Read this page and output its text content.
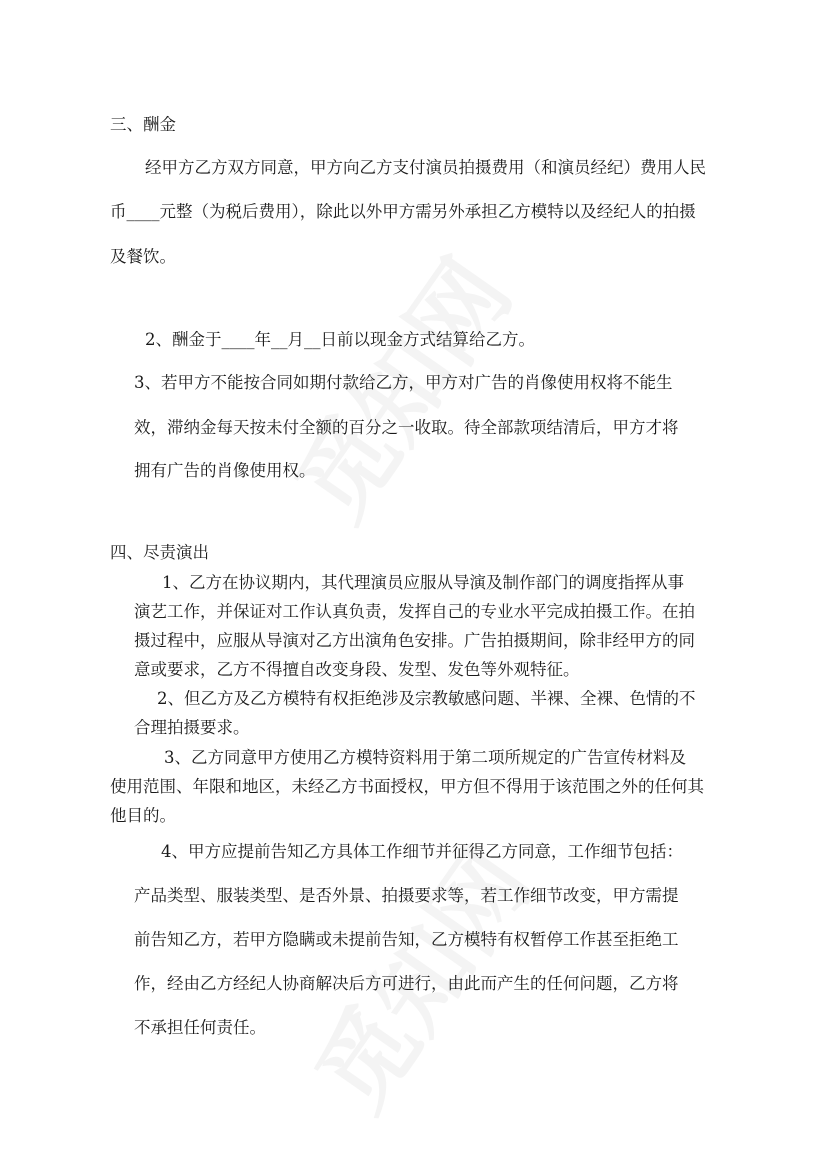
三、酬金
经甲方乙方双方同意，甲方向乙方支付演员拍摄费用（和演员经纪）费用人民
币____元整（为税后费用），除此以外甲方需另外承担乙方模特以及经纪人的拍摄
及餐饮。
2、酬金于____年__月__日前以现金方式结算给乙方。
3、若甲方不能按合同如期付款给乙方，甲方对广告的肖像使用权将不能生
效，滞纳金每天按未付全额的百分之一收取。待全部款项结清后，甲方才将
拥有广告的肖像使用权。
四、尽责演出
1、乙方在协议期内，其代理演员应服从导演及制作部门的调度指挥从事
演艺工作，并保证对工作认真负责，发挥自己的专业水平完成拍摄工作。在拍
摄过程中，应服从导演对乙方出演角色安排。广告拍摄期间，除非经甲方的同
意或要求，乙方不得擅自改变身段、发型、发色等外观特征。
2、但乙方及乙方模特有权拒绝涉及宗教敏感问题、半裸、全裸、色情的不
合理拍摄要求。
3、乙方同意甲方使用乙方模特资料用于第二项所规定的广告宣传材料及
使用范围、年限和地区，未经乙方书面授权，甲方但不得用于该范围之外的任何其
他目的。
4、甲方应提前告知乙方具体工作细节并征得乙方同意，工作细节包括：
产品类型、服装类型、是否外景、拍摄要求等，若工作细节改变，甲方需提
前告知乙方，若甲方隐瞒或未提前告知，乙方模特有权暂停工作甚至拒绝工
作，经由乙方经纪人协商解决后方可进行，由此而产生的任何问题，乙方将
不承担任何责任。
